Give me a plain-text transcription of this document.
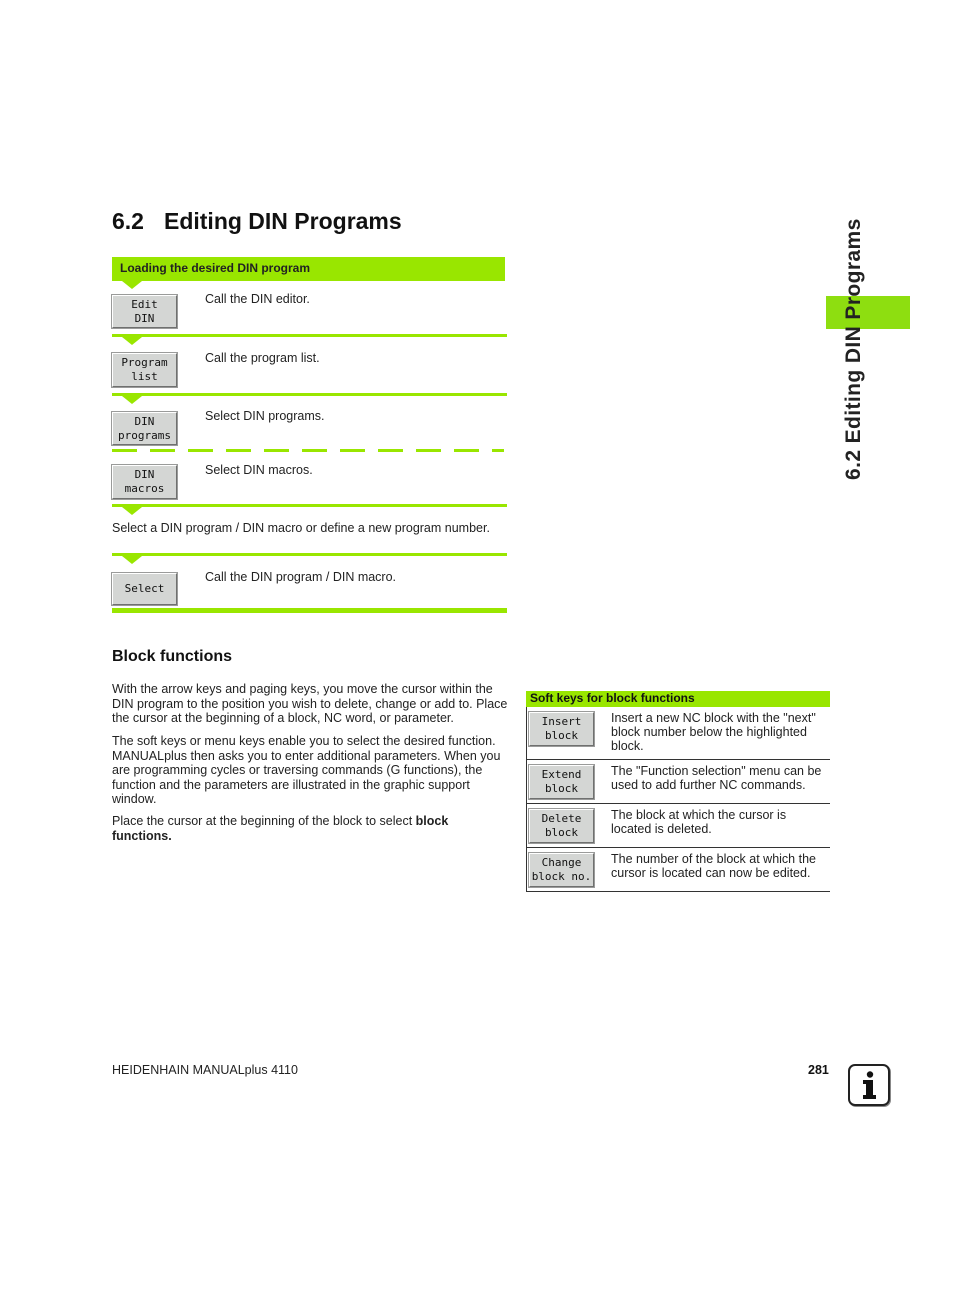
6.2 Editing DIN Programs	6.2 Editing DIN Programs
Loading the desired DIN program
Edit
DIN
Call the DIN editor.
Program
list
Call the program list.
DIN
programs
Select DIN programs.
DIN
macros
Select DIN macros.
Select a DIN program / DIN macro or define a new program number.
Select
Call the DIN program / DIN macro.
Block functions
With the arrow keys and paging keys, you move the cursor within the DIN program to the position you wish to delete, change or add to. Place the cursor at the beginning of a block, NC word, or parameter.
The soft keys or menu keys enable you to select the desired function. MANUALplus then asks you to enter additional parameters. When you are programming cycles or traversing commands (G functions), the function and the parameters are illustrated in the graphic support window.
Place the cursor at the beginning of the block to select block functions.
Soft keys for block functions
Insert
block
Insert a new NC block with the "next" block number below the highlighted block.
Extend
block
The "Function selection" menu can be used to add further NC commands.
Delete
block
The block at which the cursor is located is deleted.
Change
block no.
The number of the block at which the cursor is located can now be edited.
HEIDENHAIN MANUALplus 4110	281
